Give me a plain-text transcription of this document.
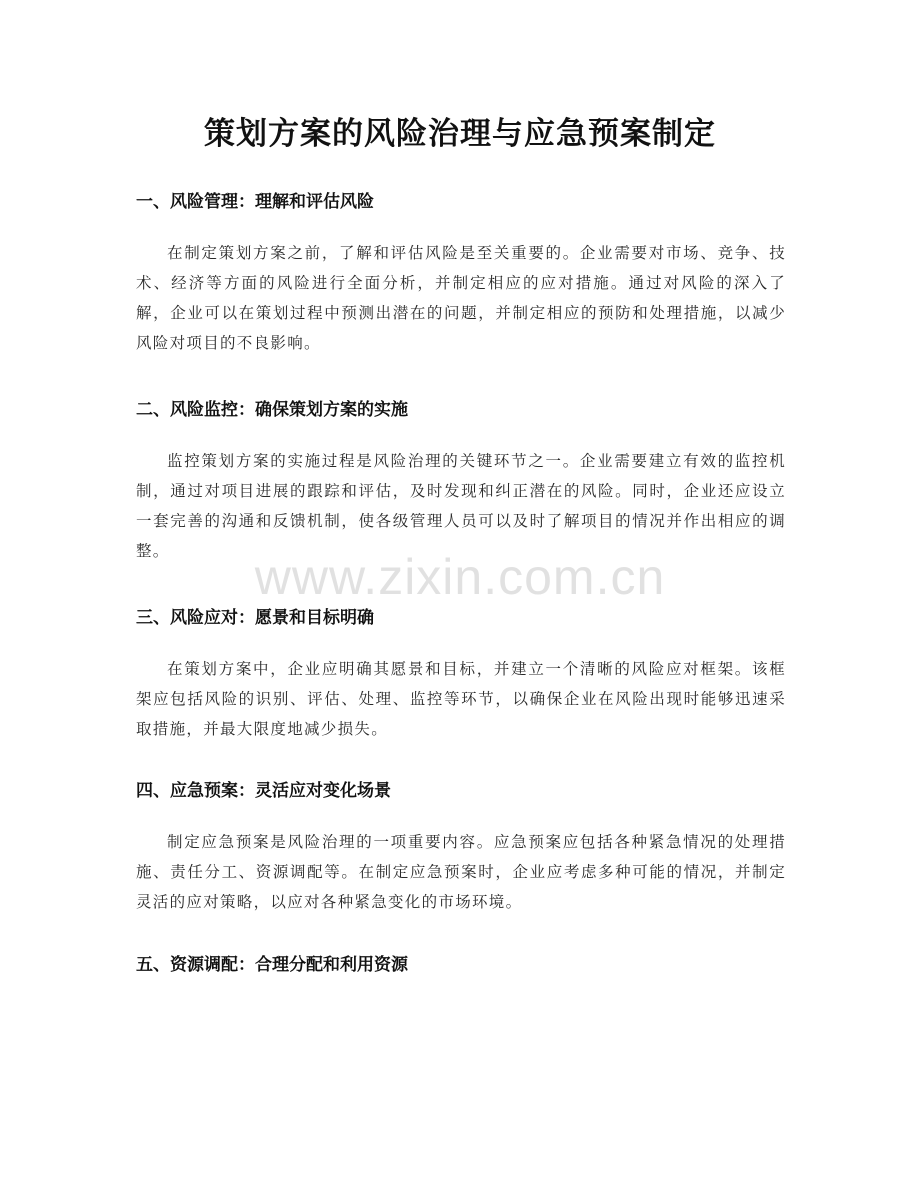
策划方案的风险治理与应急预案制定
一、风险管理：理解和评估风险

在制定策划方案之前，了解和评估风险是至关重要的。企业需要对市场、竞争、技术、经济等方面的风险进行全面分析，并制定相应的应对措施。通过对风险的深入了解，企业可以在策划过程中预测出潜在的问题，并制定相应的预防和处理措施，以减少风险对项目的不良影响。

二、风险监控：确保策划方案的实施

监控策划方案的实施过程是风险治理的关键环节之一。企业需要建立有效的监控机制，通过对项目进展的跟踪和评估，及时发现和纠正潜在的风险。同时，企业还应设立一套完善的沟通和反馈机制，使各级管理人员可以及时了解项目的情况并作出相应的调整。

三、风险应对：愿景和目标明确

在策划方案中，企业应明确其愿景和目标，并建立一个清晰的风险应对框架。该框架应包括风险的识别、评估、处理、监控等环节，以确保企业在风险出现时能够迅速采取措施，并最大限度地减少损失。

四、应急预案：灵活应对变化场景

制定应急预案是风险治理的一项重要内容。应急预案应包括各种紧急情况的处理措施、责任分工、资源调配等。在制定应急预案时，企业应考虑多种可能的情况，并制定灵活的应对策略，以应对各种紧急变化的市场环境。

五、资源调配：合理分配和利用资源
www.zixin.com.cn
